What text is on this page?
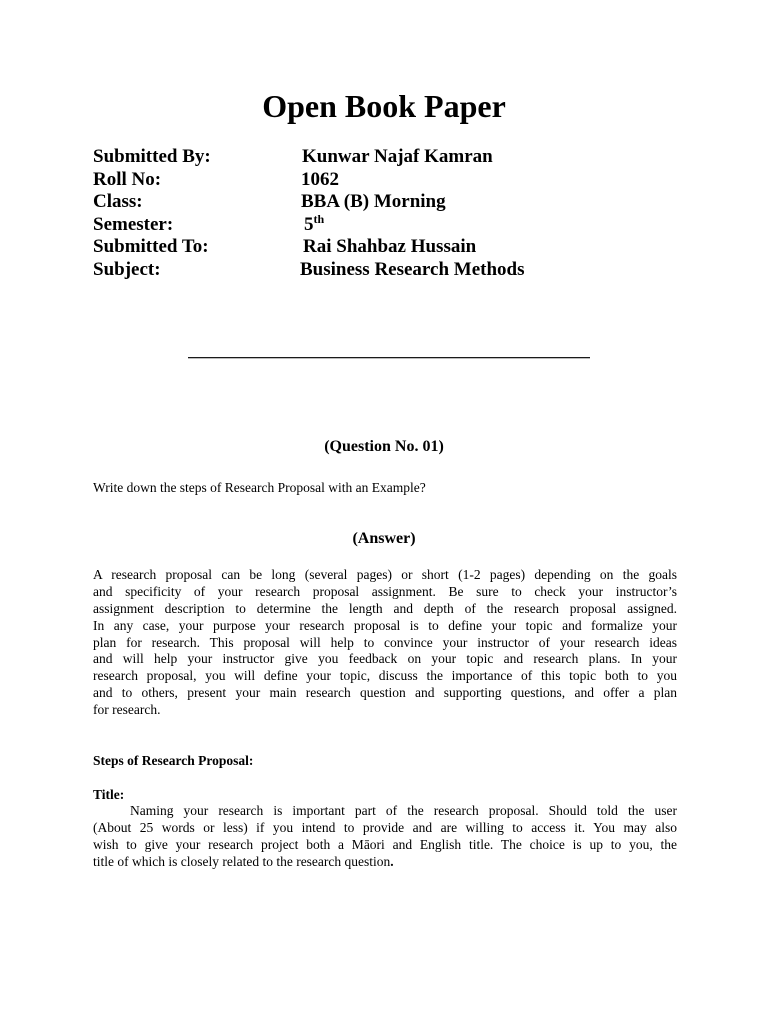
Open Book Paper
Submitted By:	Kunwar Najaf Kamran
Roll No:	1062
Class:	BBA (B) Morning
Semester:	5th
Submitted To:	Rai Shahbaz Hussain
Subject:	Business Research Methods
(Question No. 01)
Write down the steps of Research Proposal with an Example?
(Answer)
A research proposal can be long (several pages) or short (1-2 pages) depending on the goals
and specificity of your research proposal assignment. Be sure to check your instructor’s
assignment description to determine the length and depth of the research proposal assigned.
In any case, your purpose your research proposal is to define your topic and formalize your
plan for research. This proposal will help to convince your instructor of your research ideas
and will help your instructor give you feedback on your topic and research plans. In your
research proposal, you will define your topic, discuss the importance of this topic both to you
and to others, present your main research question and supporting questions, and offer a plan
for research.
Steps of Research Proposal:
Title:
Naming your research is important part of the research proposal. Should told the user
(About 25 words or less) if you intend to provide and are willing to access it. You may also
wish to give your research project both a Māori and English title. The choice is up to you, the
title of which is closely related to the research question.
